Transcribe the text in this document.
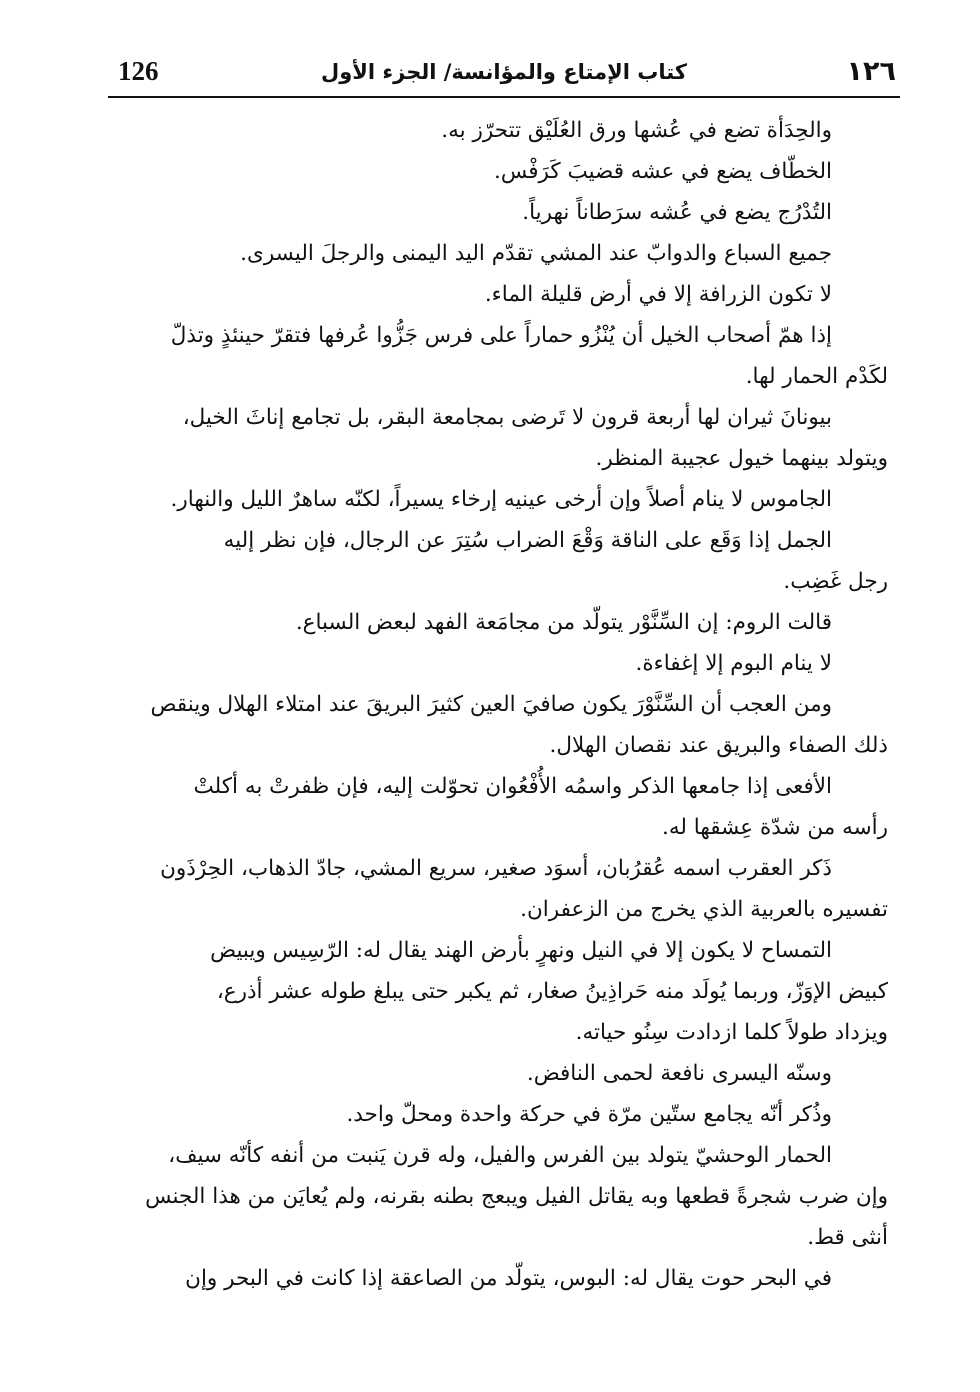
126	كتاب الإمتاع والمؤانسة/ الجزء الأول	١٢٦
والحِدَأة تضع في عُشها ورق العُلَيْق تتحرّز به.
الخطّاف يضع في عشه قضيبَ كَرَفْس.
التُدْرُج يضع في عُشه سرَطاناً نهرياً.
جميع السباع والدوابّ عند المشي تقدّم اليد اليمنى والرجلَ اليسرى.
لا تكون الزرافة إلا في أرض قليلة الماء.
إذا همّ أصحاب الخيل أن يُنْزُو حماراً على فرس جَزُّوا عُرفها فتقرّ حينئذٍ وتذلّ
لكَدْم الحمار لها.
بيونانَ ثيران لها أربعة قرون لا تَرضى بمجامعة البقر، بل تجامع إناثَ الخيل،
ويتولد بينهما خيول عجيبة المنظر.
الجاموس لا ينام أصلاً وإن أرخى عينيه إرخاء يسيراً، لكنّه ساهرٌ الليل والنهار.
الجمل إذا وَقَع على الناقة وَقْعَ الضراب سُتِرَ عن الرجال، فإن نظر إليه
رجل غَضِب.
قالت الروم: إن السِّنَّوْر يتولّد من مجامَعة الفهد لبعض السباع.
لا ينام البوم إلا إغفاءة.
ومن العجب أن السِّنَّوْرَ يكون صافيَ العين كثيرَ البريقَ عند امتلاء الهلال وينقص
ذلك الصفاء والبريق عند نقصان الهلال.
الأفعى إذا جامعها الذكر واسمُه الأُفْعُوان تحوّلت إليه، فإن ظفرتْ به أكلتْ
رأسه من شدّة عِشقها له.
ذَكر العقرب اسمه عُقرُبان، أسوَد صغير، سريع المشي، جادّ الذهاب، الحِرْذَون
تفسيره بالعربية الذي يخرج من الزعفران.
التمساح لا يكون إلا في النيل ونهرٍ بأرض الهند يقال له: الرّسِيس ويبيض
كبيض الإوَزّ، وربما يُولَد منه حَراذِينُ صغار، ثم يكبر حتى يبلغ طوله عشر أذرع،
ويزداد طولاً كلما ازدادت سِنُو حياته.
وسنّه اليسرى نافعة لحمى النافض.
وذُكر أنّه يجامع ستّين مرّة في حركة واحدة ومحلّ واحد.
الحمار الوحشيّ يتولد بين الفرس والفيل، وله قرن يَنبت من أنفه كأنّه سيف،
وإن ضرب شجرةً قطعها وبه يقاتل الفيل ويبعج بطنه بقرنه، ولم يُعايَن من هذا الجنس
أنثى قط.
في البحر حوت يقال له: البوس، يتولّد من الصاعقة إذا كانت في البحر وإن
